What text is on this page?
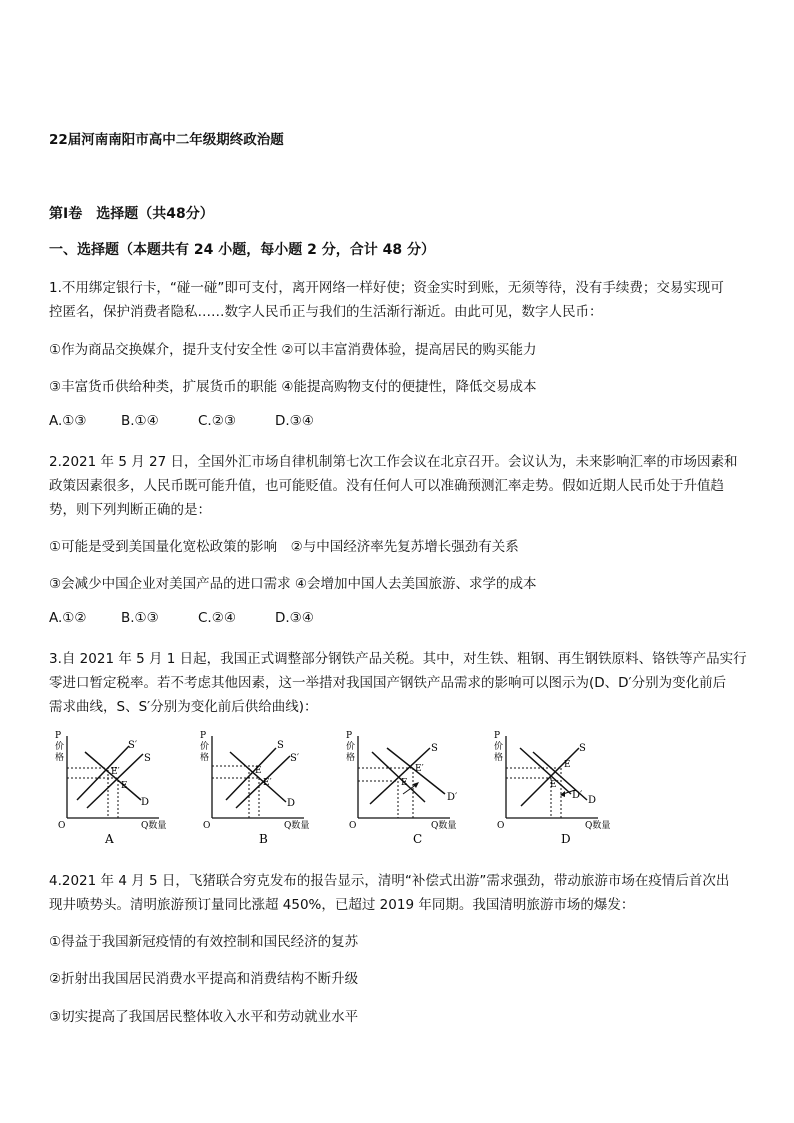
22届河南南阳市高中二年级期终政治题
第Ⅰ卷　选择题（共48分）
一、选择题（本题共有 24 小题，每小题 2 分，合计 48 分）
1.不用绑定银行卡，“碰一碰”即可支付，离开网络一样好使；资金实时到账，无须等待，没有手续费；交易实现可
控匿名，保护消费者隐私……数字人民币正与我们的生活渐行渐近。由此可见，数字人民币：
①作为商品交换媒介，提升支付安全性 ②可以丰富消费体验，提高居民的购买能力
③丰富货币供给种类，扩展货币的职能 ④能提高购物支付的便捷性，降低交易成本
A.①③	B.①④	C.②③	D.③④
2.2021 年 5 月 27 日，全国外汇市场自律机制第七次工作会议在北京召开。会议认为，未来影响汇率的市场因素和
政策因素很多，人民币既可能升值，也可能贬值。没有任何人可以准确预测汇率走势。假如近期人民币处于升值趋
势，则下列判断正确的是：
①可能是受到美国量化宽松政策的影响　②与中国经济率先复苏增长强劲有关系
③会减少中国企业对美国产品的进口需求 ④会增加中国人去美国旅游、求学的成本
A.①②	B.①③	C.②④	D.③④
3.自 2021 年 5 月 1 日起，我国正式调整部分钢铁产品关税。其中，对生铁、粗钢、再生钢铁原料、铬铁等产品实行
零进口暂定税率。若不考虑其他因素，这一举措对我国国产钢铁产品需求的影响可以图示为(D、D′分别为变化前后
需求曲线，S、S′分别为变化前后供给曲线)：
P
价
格
O
S′
S
E′
E
D
Q数量
A
P
价
格
O
S
S′
E
E′
D
Q数量
B
P
价
格
O
S
E′
E
D′
Q数量
C
P
价
格
O
S
E
E′
D′ D
Q数量
D
4.2021 年 4 月 5 日，飞猪联合穷克发布的报告显示，清明“补偿式出游”需求强劲，带动旅游市场在疫情后首次出
现井喷势头。清明旅游预订量同比涨超 450%，已超过 2019 年同期。我国清明旅游市场的爆发：
①得益于我国新冠疫情的有效控制和国民经济的复苏
②折射出我国居民消费水平提高和消费结构不断升级
③切实提高了我国居民整体收入水平和劳动就业水平
